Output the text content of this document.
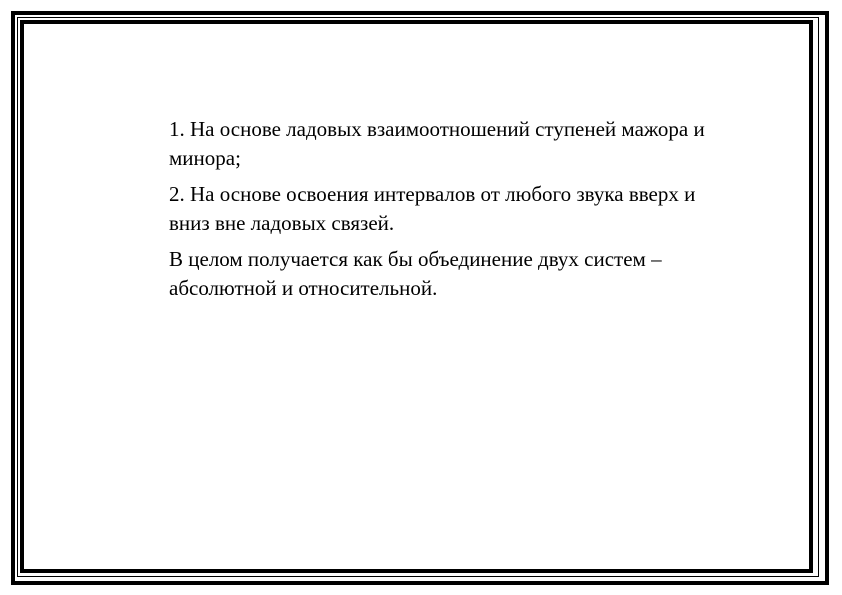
1. На основе ладовых взаимоотношений ступеней мажора и минора;

2. На основе освоения интервалов от любого звука вверх и вниз вне ладовых связей.

В целом получается как бы объединение двух систем – абсолютной и относительной.
